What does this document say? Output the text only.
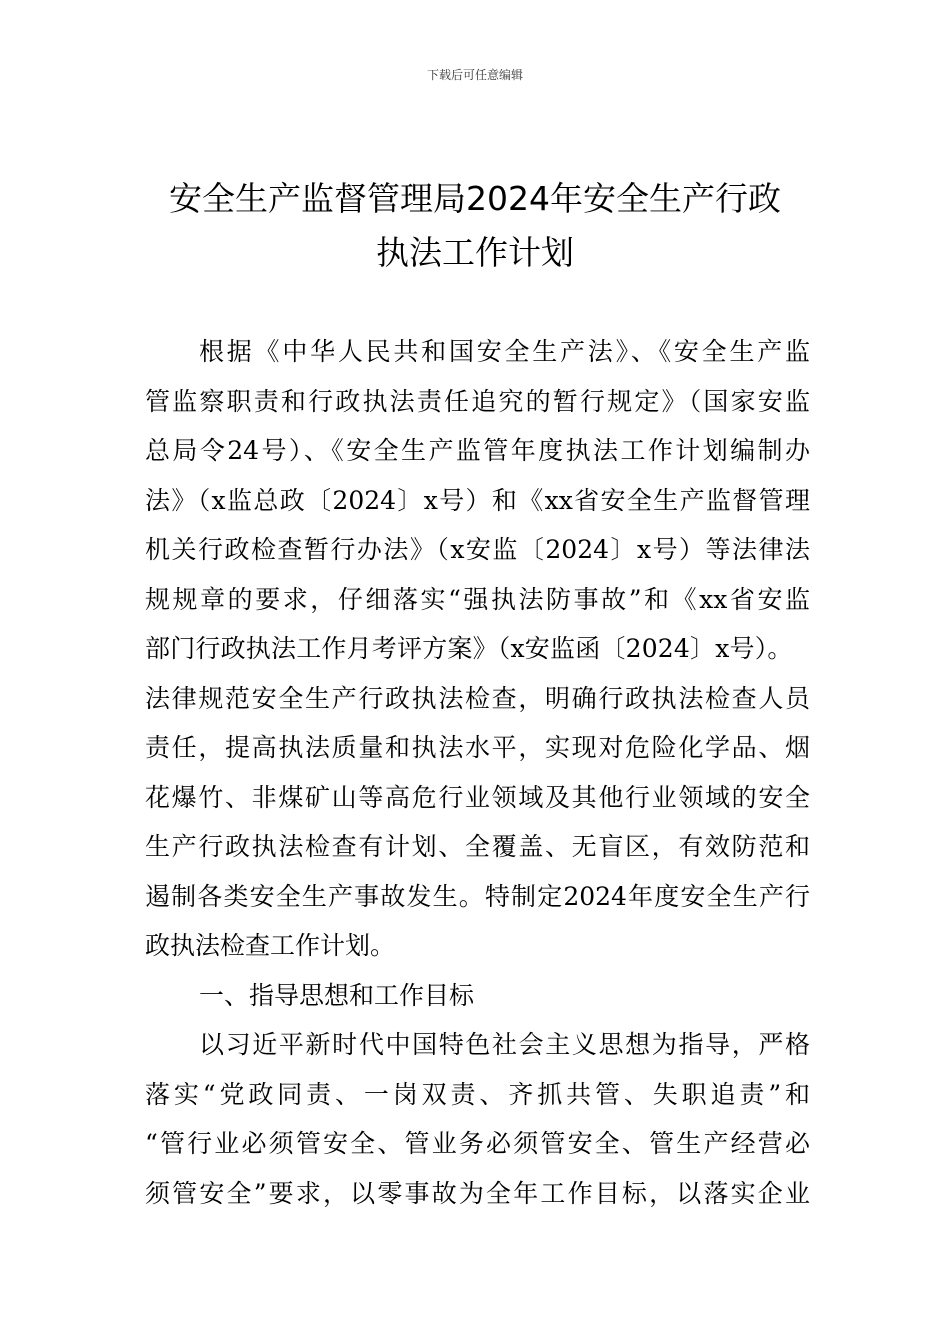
下载后可任意编辑
安全生产监督管理局2024年安全生产行政
执法工作计划
根据《中华人民共和国安全生产法》、《安全生产监
管监察职责和行政执法责任追究的暂行规定》（国家安监
总局令24号）、《安全生产监管年度执法工作计划编制办
法》（x监总政〔2024〕x号）和《xx省安全生产监督管理
机关行政检查暂行办法》（x安监〔2024〕x号）等法律法
规规章的要求，仔细落实“强执法防事故”和《xx省安监
部门行政执法工作月考评方案》（x安监函〔2024〕x号）。
法律规范安全生产行政执法检查，明确行政执法检查人员
责任，提高执法质量和执法水平，实现对危险化学品、烟
花爆竹、非煤矿山等高危行业领域及其他行业领域的安全
生产行政执法检查有计划、全覆盖、无盲区，有效防范和
遏制各类安全生产事故发生。特制定2024年度安全生产行
政执法检查工作计划。
一、指导思想和工作目标
以习近平新时代中国特色社会主义思想为指导，严格
落实“党政同责、一岗双责、齐抓共管、失职追责”和
“管行业必须管安全、管业务必须管安全、管生产经营必
须管安全”要求，以零事故为全年工作目标，以落实企业
